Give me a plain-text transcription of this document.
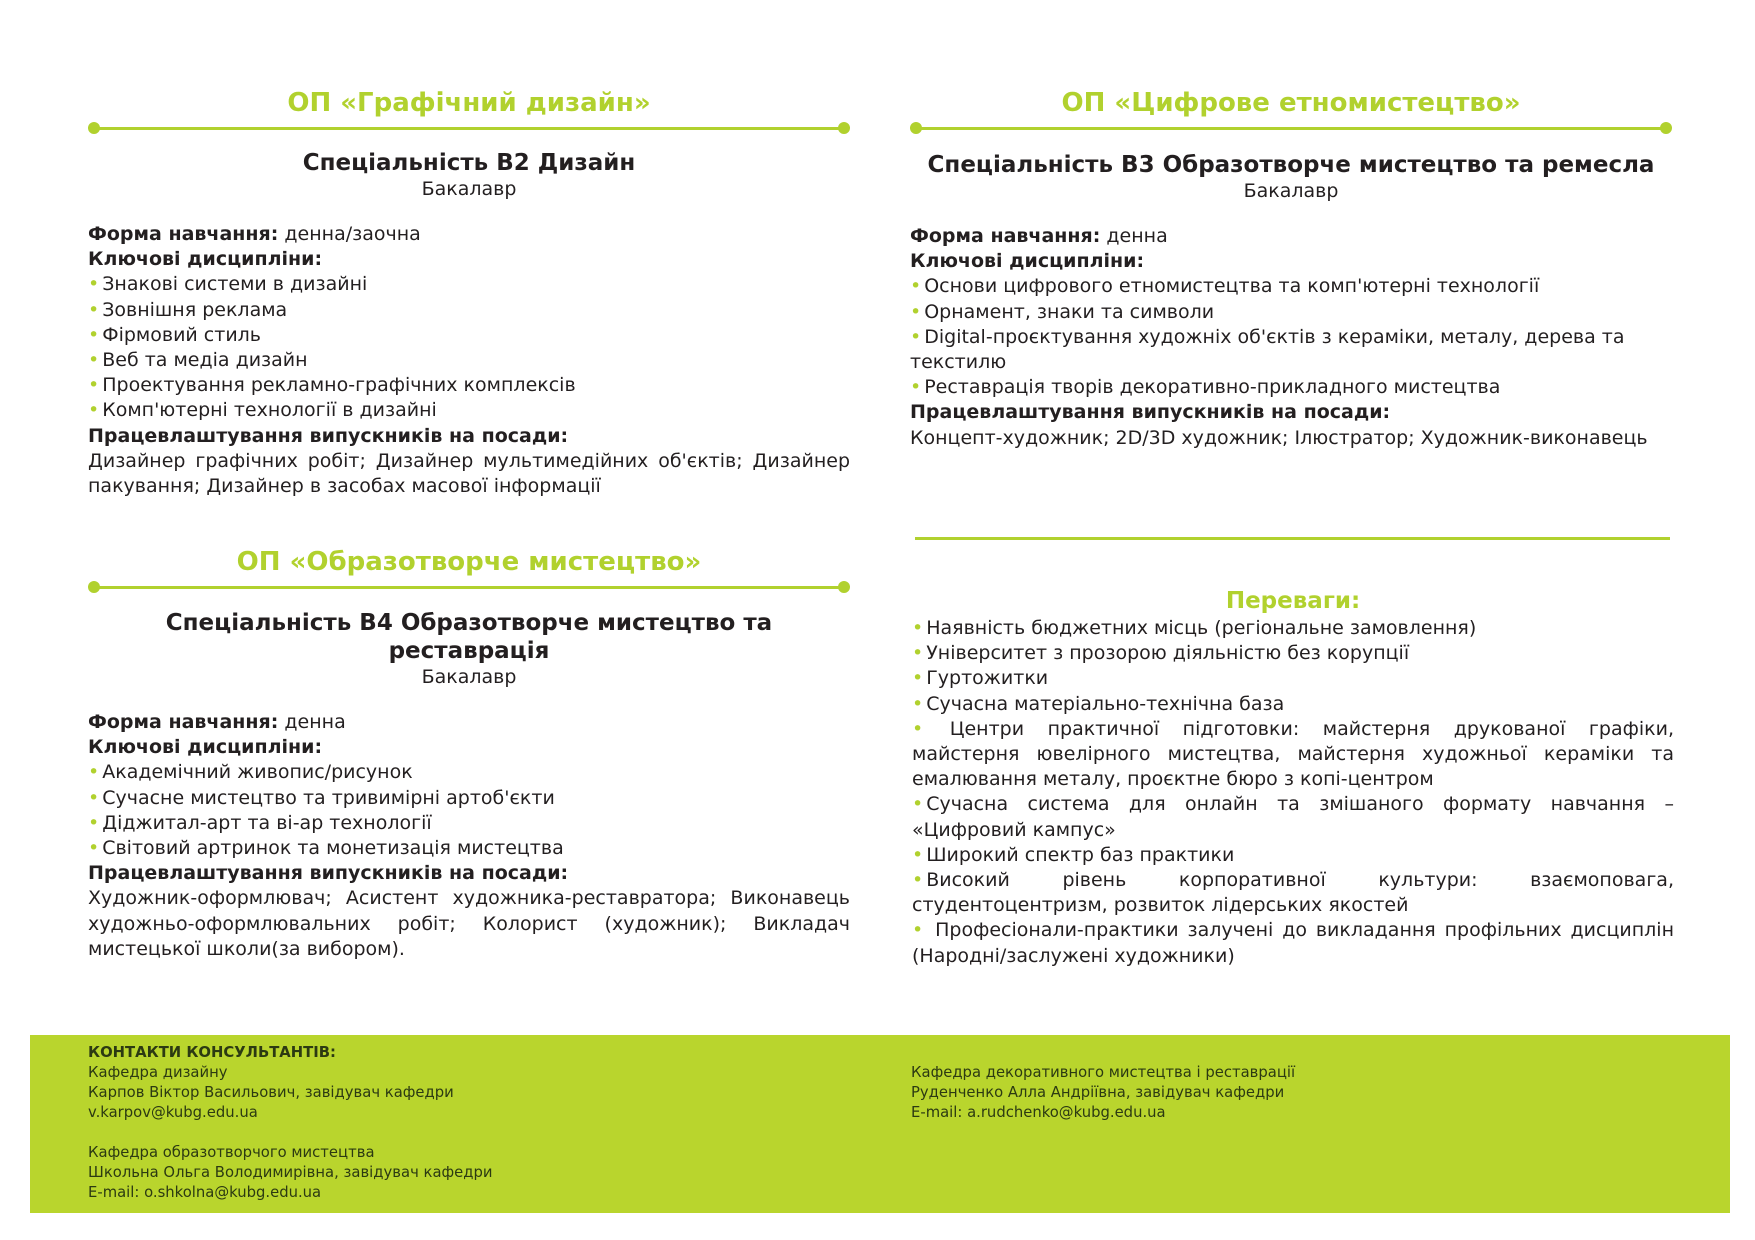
ОП «Графічний дизайн»
Спеціальність В2 Дизайн
Бакалавр
Форма навчання: денна/заочна
Ключові дисципліни:
• Знакові системи в дизайні
• Зовнішня реклама
• Фірмовий стиль
• Веб та медіа дизайн
• Проектування рекламно-графічних комплексів
• Комп'ютерні технології в дизайні
Працевлаштування випускників на посади:
Дизайнер графічних робіт; Дизайнер мультимедійних об'єктів; Дизайнер пакування; Дизайнер в засобах масової інформації
ОП «Цифрове етномистецтво»
Спеціальність В3 Образотворче мистецтво та ремесла
Бакалавр
Форма навчання: денна
Ключові дисципліни:
• Основи цифрового етномистецтва та комп'ютерні технології
• Орнамент, знаки та символи
• Digital-проєктування художніх об'єктів з кераміки, металу, дерева та текстилю
• Реставрація творів декоративно-прикладного мистецтва
Працевлаштування випускників на посади:
Концепт-художник; 2D/3D художник; Ілюстратор; Художник-виконавець
ОП «Образотворче мистецтво»
Спеціальність В4 Образотворче мистецтво та реставрація
Бакалавр
Форма навчання: денна
Ключові дисципліни:
• Академічний живопис/рисунок
• Сучасне мистецтво та тривимірні артоб'єкти
• Діджитал-арт та ві-ар технології
• Світовий артринок та монетизація мистецтва
Працевлаштування випускників на посади:
Художник-оформлювач; Асистент художника-реставратора; Виконавець художньо-оформлювальних робіт; Колорист (художник); Викладач мистецької школи(за вибором).
Переваги:
• Наявність бюджетних місць (регіональне замовлення)
• Університет з прозорою діяльністю без корупції
• Гуртожитки
• Сучасна матеріально-технічна база
• Центри практичної підготовки: майстерня друкованої графіки, майстерня ювелірного мистецтва, майстерня художньої кераміки та емалювання металу, проєктне бюро з копі-центром
• Сучасна система для онлайн та змішаного формату навчання – «Цифровий кампус»
• Широкий спектр баз практики
• Високий рівень корпоративної культури: взаємоповага, студентоцентризм, розвиток лідерських якостей
• Професіонали-практики залучені до викладання профільних дисциплін (Народні/заслужені художники)
КОНТАКТИ КОНСУЛЬТАНТІВ:
Кафедра дизайну
Карпов Віктор Васильович, завідувач кафедри
v.karpov@kubg.edu.ua
Кафедра образотворчого мистецтва
Школьна Ольга Володимирівна, завідувач кафедри
E-mail: o.shkolna@kubg.edu.ua
Кафедра декоративного мистецтва і реставрації
Руденченко Алла Андріївна, завідувач кафедри
E-mail: a.rudchenko@kubg.edu.ua
